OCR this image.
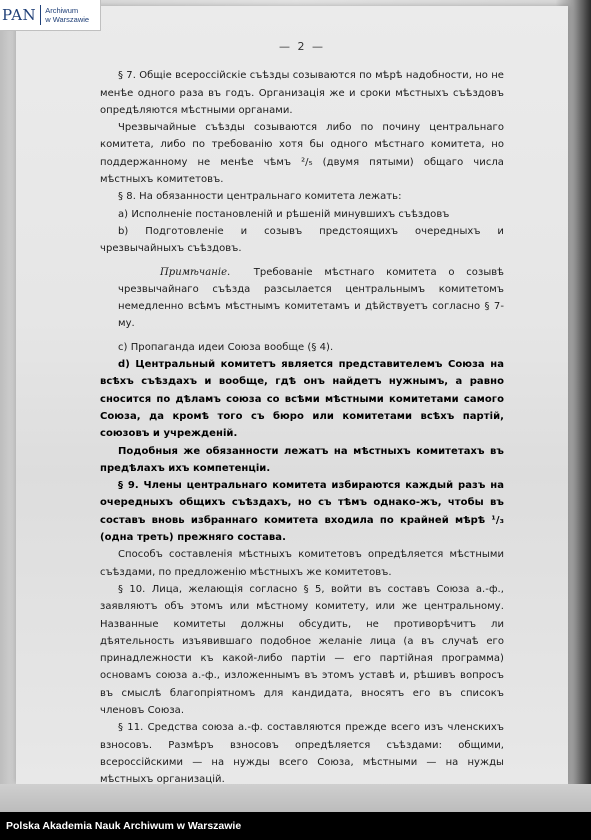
PAN	Archiwum
w Warszawie

— 2 —

§ 7. Общіе всероссійскіе съѣзды созываются по мѣрѣ надобности, но не менѣе одного раза въ годъ. Организація же и сроки мѣстныхъ съѣздовъ опредѣляются мѣстными органами.

Чрезвычайные съѣзды созываются либо по почину центральнаго комитета, либо по требованію хотя бы одного мѣстнаго комитета, но поддержанному не менѣе чѣмъ ²/₅ (двумя пятыми) общаго числа мѣстныхъ комитетовъ.

§ 8. На обязанности центральнаго комитета лежать:

а) Исполненіе постановленій и рѣшеній минувшихъ съѣздовъ

b) Подготовленіе и созывъ предстоящихъ очередныхъ и чрезвычайныхъ съѣздовъ.

Примѣчаніе. Требованіе мѣстнаго комитета о созывѣ чрезвычайнаго съѣзда разсылается центральнымъ комитетомъ немедленно всѣмъ мѣстнымъ комитетамъ и дѣйствуетъ согласно § 7-му.

c) Пропаганда идеи Союза вообще (§ 4).

d) Центральный комитетъ является представителемъ Союза на всѣхъ съѣздахъ и вообще, гдѣ онъ найдетъ нужнымъ, а равно сносится по дѣламъ союза со всѣми мѣстными комитетами самого Союза, да кромѣ того съ бюро или комитетами всѣхъ партій, союзовъ и учрежденій.

Подобныя же обязанности лежатъ на мѣстныхъ комитетахъ въ предѣлахъ ихъ компетенціи.

§ 9. Члены центральнаго комитета избираются каждый разъ на очередныхъ общихъ съѣздахъ, но съ тѣмъ однако-жъ, чтобы въ составъ вновь избраннаго комитета входила по крайней мѣрѣ ¹/₃ (одна треть) прежняго состава.

Способъ составленія мѣстныхъ комитетовъ опредѣляется мѣстными съѣздами, по предложенію мѣстныхъ же комитетовъ.

§ 10. Лица, желающія согласно § 5, войти въ составъ Союза а.-ф., заявляютъ объ этомъ или мѣстному комитету, или же центральному. Названные комитеты должны обсудить, не противорѣчитъ ли дѣятельность изъявившаго подобное желаніе лица (а въ случаѣ его принадлежности къ какой-либо партіи — его партійная программа) основамъ союза а.-ф., изложеннымъ въ этомъ уставѣ и, рѣшивъ вопросъ въ смыслѣ благопріятномъ для кандидата, вносятъ его въ списокъ членовъ Союза.

§ 11. Средства союза а.-ф. составляются прежде всего изъ членскихъ взносовъ. Размѣръ взносовъ опредѣляется съѣздами: общими, всероссійскими — на нужды всего Союза, мѣстными — на нужды мѣстныхъ организацій.

Polska Akademia Nauk Archiwum w Warszawie
